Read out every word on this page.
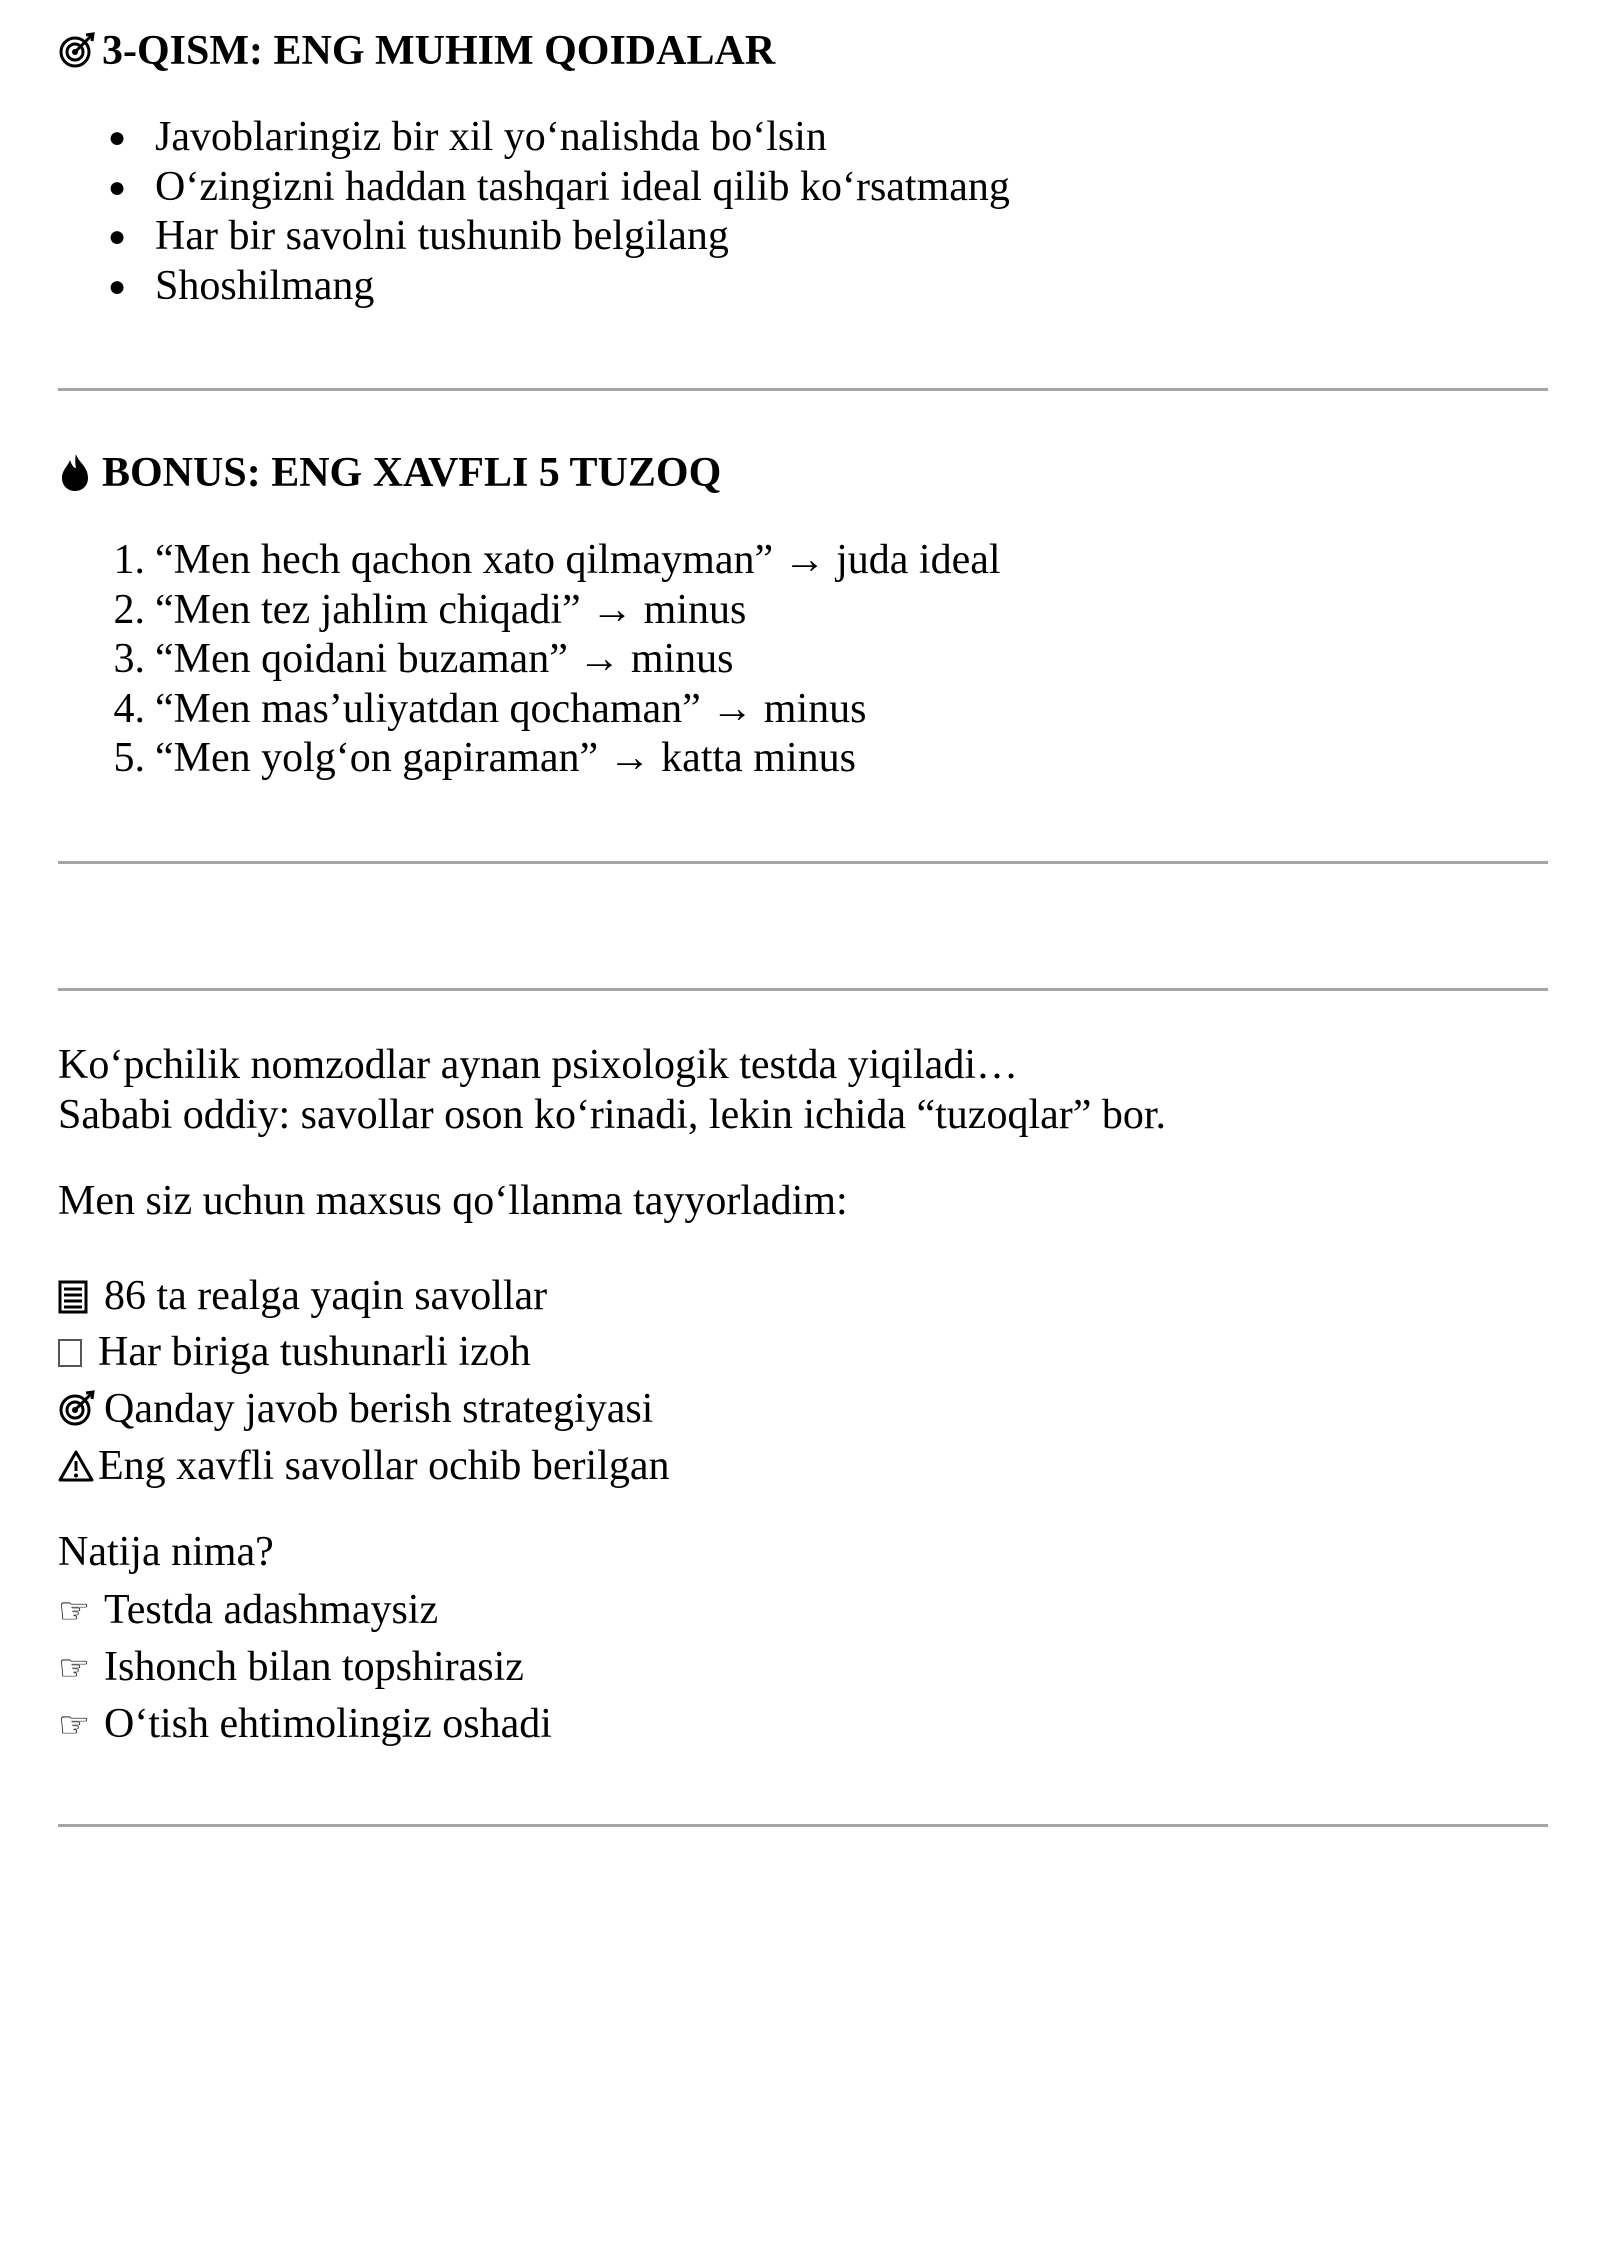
3-QISM: ENG MUHIM QOIDALAR
● Javoblaringiz bir xil yo‘nalishda bo‘lsin
● O‘zingizni haddan tashqari ideal qilib ko‘rsatmang
● Har bir savolni tushunib belgilang
● Shoshilmang
BONUS: ENG XAVFLI 5 TUZOQ
1. “Men hech qachon xato qilmayman” → juda ideal
2. “Men tez jahlim chiqadi” → minus
3. “Men qoidani buzaman” → minus
4. “Men mas’uliyatdan qochaman” → minus
5. “Men yolg‘on gapiraman” → katta minus

Ko‘pchilik nomzodlar aynan psixologik testda yiqiladi…

Sababi oddiy: savollar oson ko‘rinadi, lekin ichida “tuzoqlar” bor.

Men siz uchun maxsus qo‘llanma tayyorladim:

86 ta realga yaqin savollar
Har biriga tushunarli izoh
Qanday javob berish strategiyasi
Eng xavfli savollar ochib berilgan

Natija nima?

☞ Testda adashmaysiz
☞ Ishonch bilan topshirasiz
☞ O‘tish ehtimolingiz oshadi
